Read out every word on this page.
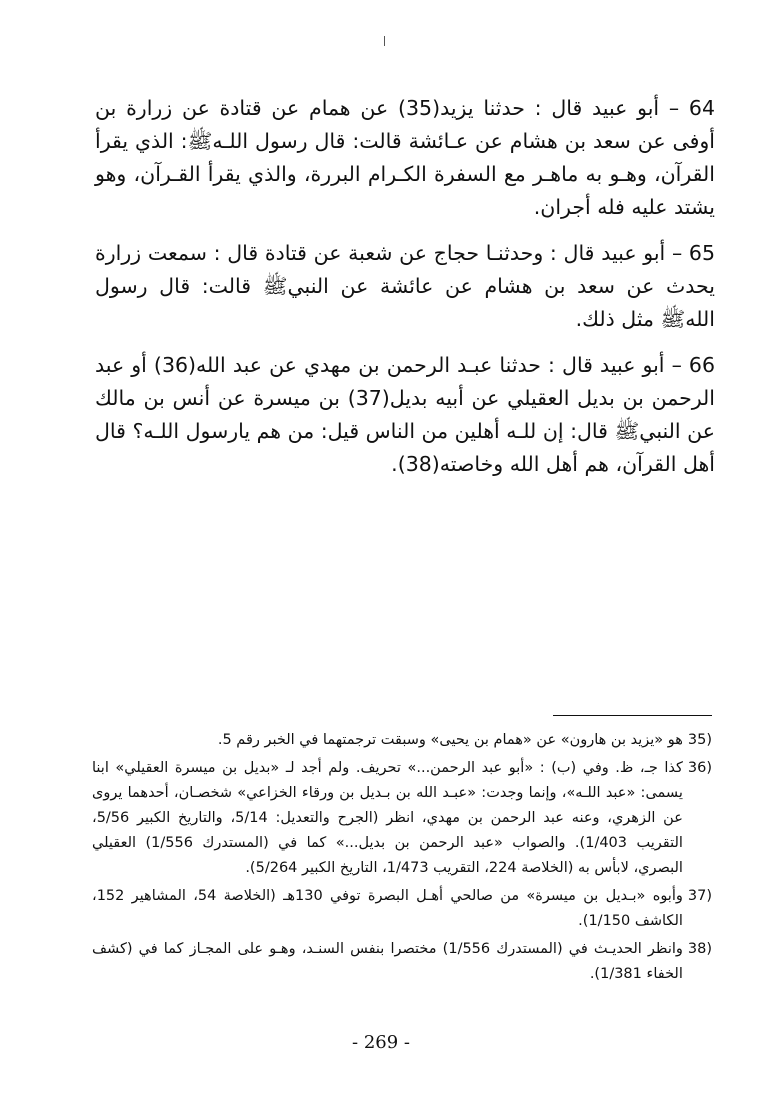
64 – أبو عبيد قال : حدثنا يزيد(35) عن همام عن قتادة عن زرارة بن أوفى عن سعد بن هشام عن عـائشة قالت: قال رسول اللـهﷺ: الذي يقرأ القرآن، وهـو به ماهـر مع السفرة الكـرام البررة، والذي يقرأ القـرآن، وهو يشتد عليه فله أجران.

65 – أبو عبيد قال : وحدثنـا حجاج عن شعبة عن قتادة قال : سمعت زرارة يحدث عن سعد بن هشام عن عائشة عن النبيﷺ قالت: قال رسول اللهﷺ مثل ذلك.

66 – أبو عبيد قال : حدثنا عبـد الرحمن بن مهدي عن عبد الله(36) أو عبد الرحمن بن بديل العقيلي عن أبيه بديل(37) بن ميسرة عن أنس بن مالك عن النبيﷺ قال: إن للـه أهلين من الناس قيل: من هم يارسول اللـه؟ قال أهل القرآن، هم أهل الله وخاصته(38).

35)
هو «يزيد بن هارون» عن «همام بن يحيى» وسبقت ترجمتهما في الخبر رقم 5.
36)
كذا جـ، ظ. وفي (ب) : «أبو عبد الرحمن...» تحريف. ولم أجد لـ «بديل بن ميسرة العقيلي» ابنا يسمى: «عبد اللـه»، وإنما وجدت: «عبـد الله بن بـديل بن ورقاء الخزاعي» شخصـان، أحدهما يروى عن الزهري، وعنه عبد الرحمن بن مهدي، انظر (الجرح والتعديل: 5/14، والتاريخ الكبير 5/56، التقريب 1/403). والصواب «عبد الرحمن بن بديل...» كما في (المستدرك 1/556) العقيلي البصري، لابأس به (الخلاصة 224، التقريب 1/473، التاريخ الكبير 5/264).
37)
وأبوه «بـديل بن ميسرة» من صالحي أهـل البصرة توفي 130هـ (الخلاصة 54، المشاهير 152، الكاشف 1/150).
38)
وانظر الحديـث في (المستدرك 1/556) مختصرا بنفس السنـد، وهـو على المجـاز كما في (كشف الخفاء 1/381).
- 269 -
